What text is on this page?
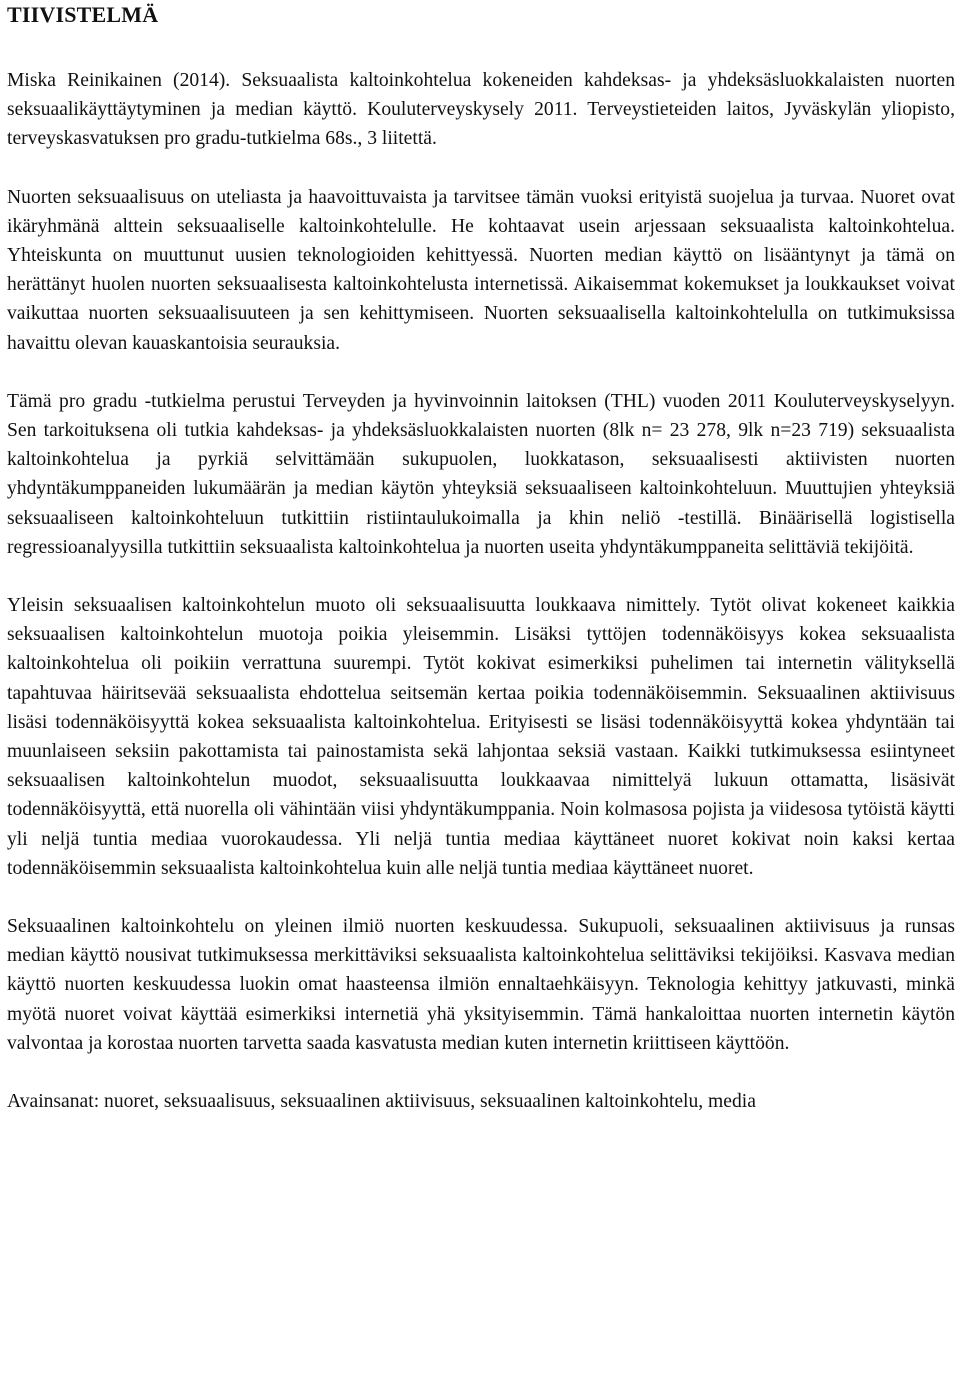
TIIVISTELMÄ

Miska Reinikainen (2014). Seksuaalista kaltoinkohtelua kokeneiden kahdeksas- ja yhdeksäsluokkalaisten nuorten seksuaalikäyttäytyminen ja median käyttö. Kouluterveyskysely 2011. Terveystieteiden laitos, Jyväskylän yliopisto, terveyskasvatuksen pro gradu-tutkielma 68s., 3 liitettä.

Nuorten seksuaalisuus on uteliasta ja haavoittuvaista ja tarvitsee tämän vuoksi erityistä suojelua ja turvaa. Nuoret ovat ikäryhmänä alttein seksuaaliselle kaltoinkohtelulle. He kohtaavat usein arjessaan seksuaalista kaltoinkohtelua. Yhteiskunta on muuttunut uusien teknologioiden kehittyessä. Nuorten median käyttö on lisääntynyt ja tämä on herättänyt huolen nuorten seksuaalisesta kaltoinkohtelusta internetissä. Aikaisemmat kokemukset ja loukkaukset voivat vaikuttaa nuorten seksuaalisuuteen ja sen kehittymiseen. Nuorten seksuaalisella kaltoinkohtelulla on tutkimuksissa havaittu olevan kauaskantoisia seurauksia.

Tämä pro gradu -tutkielma perustui Terveyden ja hyvinvoinnin laitoksen (THL) vuoden 2011 Kouluterveyskyselyyn. Sen tarkoituksena oli tutkia kahdeksas- ja yhdeksäsluokkalaisten nuorten (8lk n= 23 278, 9lk n=23 719) seksuaalista kaltoinkohtelua ja pyrkiä selvittämään sukupuolen, luokkatason, seksuaalisesti aktiivisten nuorten yhdyntäkumppaneiden lukumäärän ja median käytön yhteyksiä seksuaaliseen kaltoinkohteluun. Muuttujien yhteyksiä seksuaaliseen kaltoinkohteluun tutkittiin ristiintaulukoimalla ja khin neliö -testillä. Binäärisellä logistisella regressioanalyysilla tutkittiin seksuaalista kaltoinkohtelua ja nuorten useita yhdyntäkumppaneita selittäviä tekijöitä.

Yleisin seksuaalisen kaltoinkohtelun muoto oli seksuaalisuutta loukkaava nimittely. Tytöt olivat kokeneet kaikkia seksuaalisen kaltoinkohtelun muotoja poikia yleisemmin. Lisäksi tyttöjen todennäköisyys kokea seksuaalista kaltoinkohtelua oli poikiin verrattuna suurempi. Tytöt kokivat esimerkiksi puhelimen tai internetin välityksellä tapahtuvaa häiritsevää seksuaalista ehdottelua seitsemän kertaa poikia todennäköisemmin. Seksuaalinen aktiivisuus lisäsi todennäköisyyttä kokea seksuaalista kaltoinkohtelua. Erityisesti se lisäsi todennäköisyyttä kokea yhdyntään tai muunlaiseen seksiin pakottamista tai painostamista sekä lahjontaa seksiä vastaan. Kaikki tutkimuksessa esiintyneet seksuaalisen kaltoinkohtelun muodot, seksuaalisuutta loukkaavaa nimittelyä lukuun ottamatta, lisäsivät todennäköisyyttä, että nuorella oli vähintään viisi yhdyntäkumppania. Noin kolmasosa pojista ja viidesosa tytöistä käytti yli neljä tuntia mediaa vuorokaudessa. Yli neljä tuntia mediaa käyttäneet nuoret kokivat noin kaksi kertaa todennäköisemmin seksuaalista kaltoinkohtelua kuin alle neljä tuntia mediaa käyttäneet nuoret.

Seksuaalinen kaltoinkohtelu on yleinen ilmiö nuorten keskuudessa. Sukupuoli, seksuaalinen aktiivisuus ja runsas median käyttö nousivat tutkimuksessa merkittäviksi seksuaalista kaltoinkohtelua selittäviksi tekijöiksi. Kasvava median käyttö nuorten keskuudessa luokin omat haasteensa ilmiön ennaltaehkäisyyn. Teknologia kehittyy jatkuvasti, minkä myötä nuoret voivat käyttää esimerkiksi internetiä yhä yksityisemmin. Tämä hankaloittaa nuorten internetin käytön valvontaa ja korostaa nuorten tarvetta saada kasvatusta median kuten internetin kriittiseen käyttöön.

Avainsanat: nuoret, seksuaalisuus, seksuaalinen aktiivisuus, seksuaalinen kaltoinkohtelu, media
